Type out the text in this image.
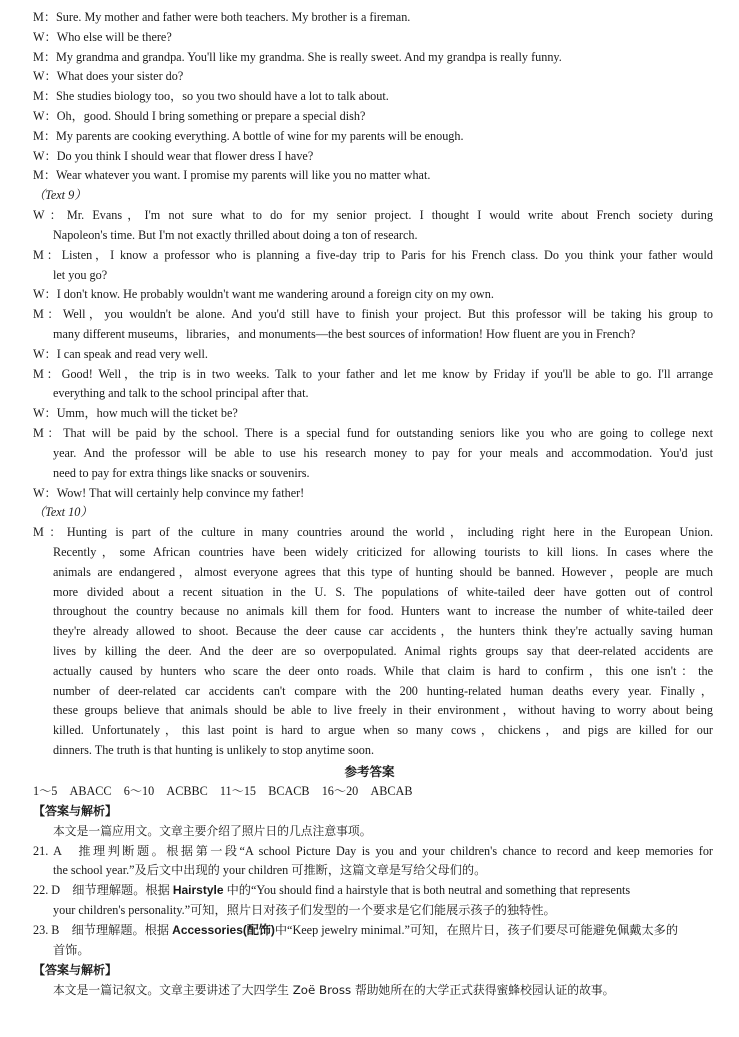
M：Sure. My mother and father were both teachers. My brother is a fireman.
W：Who else will be there?
M：My grandma and grandpa. You'll like my grandma. She is really sweet. And my grandpa is really funny.
W：What does your sister do?
M：She studies biology too，so you two should have a lot to talk about.
W：Oh，good. Should I bring something or prepare a special dish?
M：My parents are cooking everything. A bottle of wine for my parents will be enough.
W：Do you think I should wear that flower dress I have?
M：Wear whatever you want. I promise my parents will like you no matter what.
（Text 9）
W：Mr. Evans，I'm not sure what to do for my senior project. I thought I would write about French society during
Napoleon's time. But I'm not exactly thrilled about doing a ton of research.
M：Listen，I know a professor who is planning a five-day trip to Paris for his French class. Do you think your father would
let you go?
W：I don't know. He probably wouldn't want me wandering around a foreign city on my own.
M：Well，you wouldn't be alone. And you'd still have to finish your project. But this professor will be taking his group to
many different museums，libraries，and monuments—the best sources of information! How fluent are you in French?
W：I can speak and read very well.
M：Good! Well，the trip is in two weeks. Talk to your father and let me know by Friday if you'll be able to go. I'll arrange
everything and talk to the school principal after that.
W：Umm，how much will the ticket be?
M：That will be paid by the school. There is a special fund for outstanding seniors like you who are going to college next
year. And the professor will be able to use his research money to pay for your meals and accommodation. You'd just
need to pay for extra things like snacks or souvenirs.
W：Wow! That will certainly help convince my father!
（Text 10）
M：Hunting is part of the culture in many countries around the world，including right here in the European Union.
Recently，some African countries have been widely criticized for allowing tourists to kill lions. In cases where the
animals are endangered，almost everyone agrees that this type of hunting should be banned. However，people are much
more divided about a recent situation in the U. S. The populations of white-tailed deer have gotten out of control
throughout the country because no animals kill them for food. Hunters want to increase the number of white-tailed deer
they're already allowed to shoot. Because the deer cause car accidents，the hunters think they're actually saving human
lives by killing the deer. And the deer are so overpopulated. Animal rights groups say that deer-related accidents are
actually caused by hunters who scare the deer onto roads. While that claim is hard to confirm，this one isn't：the
number of deer-related car accidents can't compare with the 200 hunting-related human deaths every year. Finally，
these groups believe that animals should be able to live freely in their environment，without having to worry about being
killed. Unfortunately，this last point is hard to argue when so many cows，chickens，and pigs are killed for our
dinners. The truth is that hunting is unlikely to stop anytime soon.
参考答案
1～5　ABACC　6～10　ACBBC　11～15　BCACB　16～20　ABCAB
【答案与解析】
本文是一篇应用文。文章主要介绍了照片日的几点注意事项。
21. A　推理判断题。根据第一段“A school Picture Day is you and your children's chance to record and keep memories for
the school year.”及后文中出现的 your children 可推断，这篇文章是写给父母们的。
22. D　细节理解题。根据 Hairstyle 中的“You should find a hairstyle that is both neutral and something that represents
your children's personality.”可知，照片日对孩子们发型的一个要求是它们能展示孩子的独特性。
23. B　细节理解题。根据 Accessories(配饰)中“Keep jewelry minimal.”可知，在照片日，孩子们要尽可能避免佩戴太多的
首饰。
【答案与解析】
本文是一篇记叙文。文章主要讲述了大四学生 Zoë Bross 帮助她所在的大学正式获得蜜蜂校园认证的故事。
